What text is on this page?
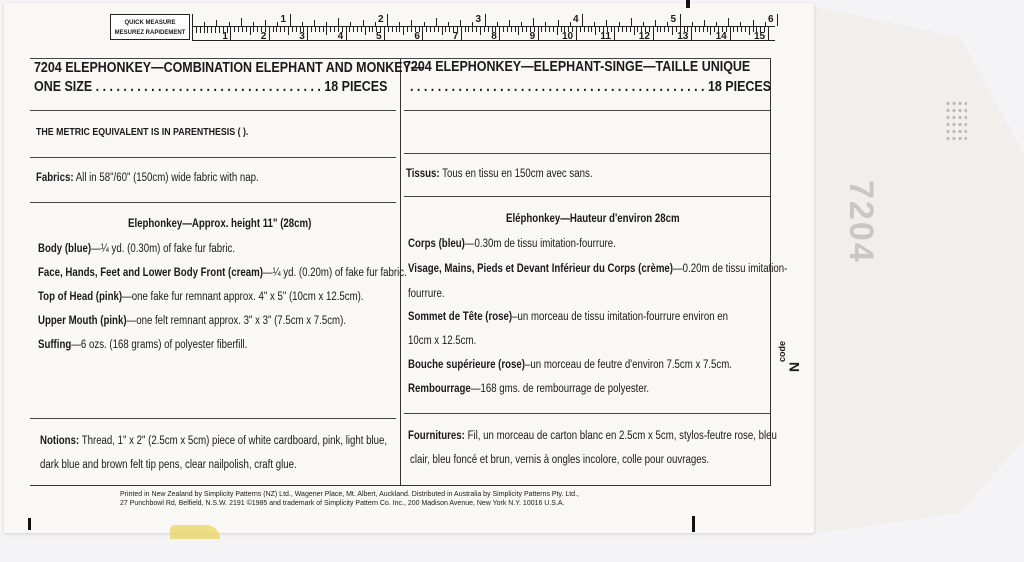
7204
QUICK MEASURE
MESUREZ RAPIDEMENT
1	2	3	4	5	6
1	2	3	4	5	6	7	8	9	10	11	12	13	14	15
7204 ELEPHONKEY—COMBINATION ELEPHANT AND MONKEY—
ONE SIZE . . . . . . . . . . . . . . . . . . . . . . . . . . . . . . . . . 18 PIECES
THE METRIC EQUIVALENT IS IN PARENTHESIS ( ).
Fabrics: All in 58"/60" (150cm) wide fabric with nap.
Elephonkey—Approx. height 11" (28cm)
Body (blue)—¼ yd. (0.30m) of fake fur fabric.
Face, Hands, Feet and Lower Body Front (cream)—¼ yd. (0.20m) of fake fur fabric.
Top of Head (pink)—one fake fur remnant approx. 4" x 5" (10cm x 12.5cm).
Upper Mouth (pink)—one felt remnant approx. 3" x 3" (7.5cm x 7.5cm).
Suffing—6 ozs. (168 grams) of polyester fiberfill.
Notions: Thread, 1" x 2" (2.5cm x 5cm) piece of white cardboard, pink, light blue,
dark blue and brown felt tip pens, clear nailpolish, craft glue.
7204 ELEPHONKEY—ELEPHANT-SINGE—TAILLE UNIQUE
. . . . . . . . . . . . . . . . . . . . . . . . . . . . . . . . . . . . . . . . . . . 18 PIECES
Tissus: Tous en tissu en 150cm avec sans.
Eléphonkey—Hauteur d'environ 28cm
Corps (bleu)—0.30m de tissu imitation-fourrure.
Visage, Mains, Pieds et Devant Inférieur du Corps (crème)—0.20m de tissu imitation-
fourrure.
Sommet de Tête (rose)–un morceau de tissu imitation-fourrure environ en
10cm x 12.5cm.
Bouche supérieure (rose)–un morceau de feutre d'environ 7.5cm x 7.5cm.
Rembourrage—168 gms. de rembourrage de polyester.
Fournitures: Fil, un morceau de carton blanc en 2.5cm x 5cm, stylos-feutre rose, bleu
clair, bleu foncé et brun, vernis à ongles incolore, colle pour ouvrages.
code
N
Printed in New Zealand by Simplicity Patterns (NZ) Ltd., Wagener Place, Mt. Albert, Auckland. Distributed in Australia by Simplicity Patterns Pty. Ltd.,
27 Punchbowl Rd, Belfield, N.S.W. 2191 ©1985 and trademark of Simplicity Pattern Co. Inc., 200 Madison Avenue, New York N.Y. 10016 U.S.A.
